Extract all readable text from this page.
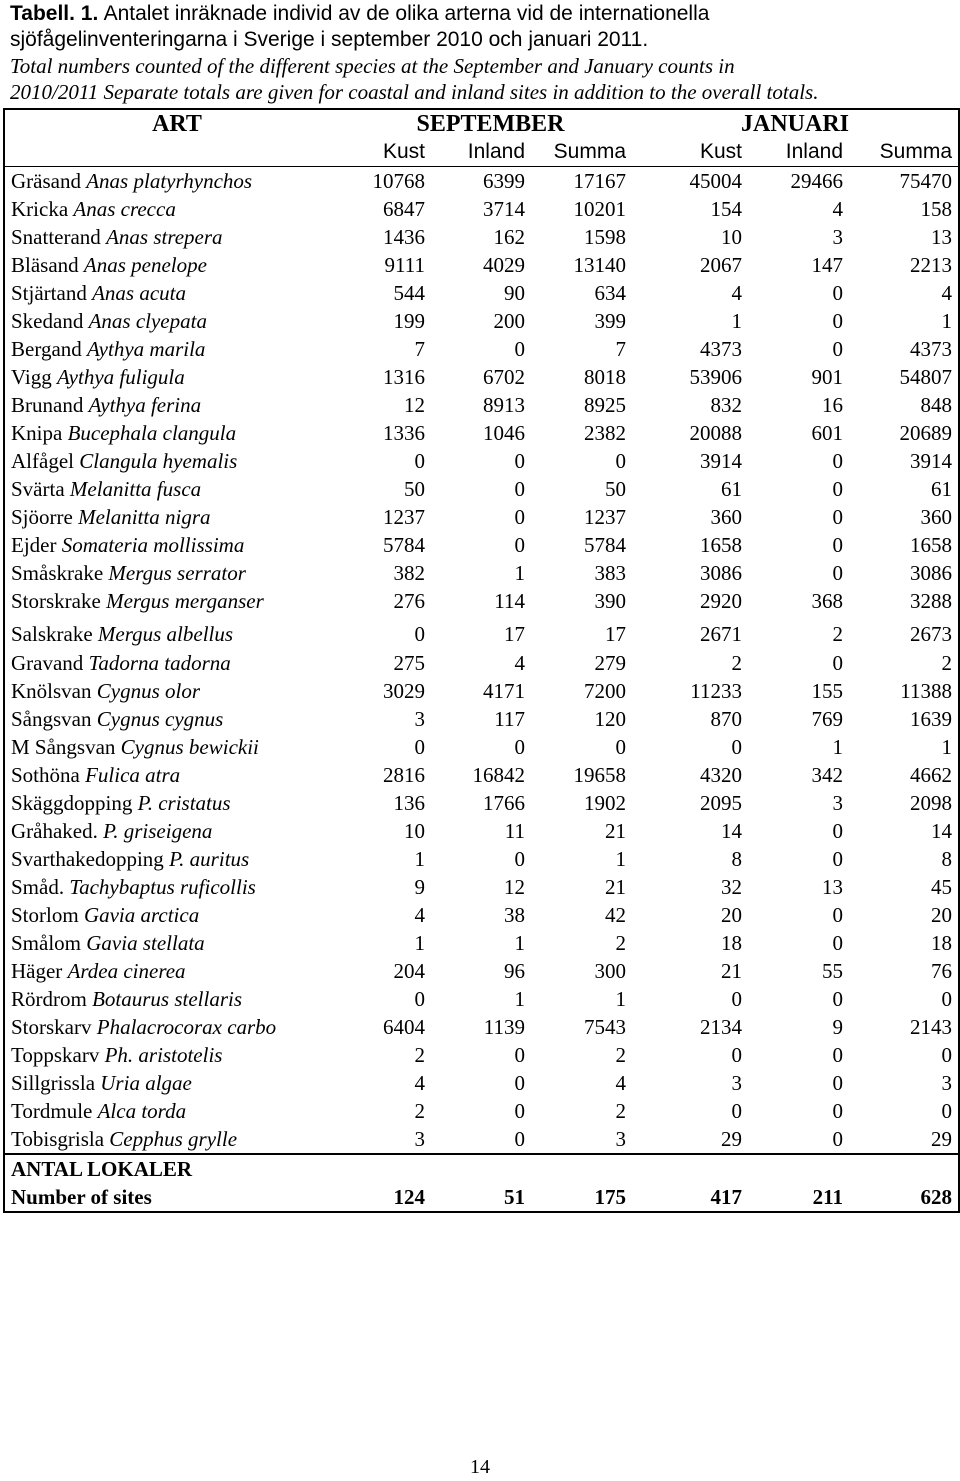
Tabell. 1. Antalet inräknade individ av de olika arterna vid de internationella
sjöfågelinventeringarna i Sverige i september 2010 och januari 2011.
Total numbers counted of the different species at the September and January counts in
2010/2011 Separate totals are given for coastal and inland sites in addition to the overall totals.
ART	SEPTEMBER			JANUARI		
	Kust	Inland	Summa	Kust	Inland	Summa
Gräsand Anas platyrhynchos	10768	6399	17167	45004	29466	75470
Kricka Anas crecca	6847	3714	10201	154	4	158
Snatterand Anas strepera	1436	162	1598	10	3	13
Bläsand Anas penelope	9111	4029	13140	2067	147	2213
Stjärtand Anas acuta	544	90	634	4	0	4
Skedand Anas clyepata	199	200	399	1	0	1
Bergand Aythya marila	7	0	7	4373	0	4373
Vigg Aythya fuligula	1316	6702	8018	53906	901	54807
Brunand Aythya ferina	12	8913	8925	832	16	848
Knipa Bucephala clangula	1336	1046	2382	20088	601	20689
Alfågel Clangula hyemalis	0	0	0	3914	0	3914
Svärta Melanitta fusca	50	0	50	61	0	61
Sjöorre Melanitta nigra	1237	0	1237	360	0	360
Ejder Somateria mollissima	5784	0	5784	1658	0	1658
Småskrake Mergus serrator	382	1	383	3086	0	3086
Storskrake Mergus merganser	276	114	390	2920	368	3288
Salskrake Mergus albellus	0	17	17	2671	2	2673
Gravand Tadorna tadorna	275	4	279	2	0	2
Knölsvan Cygnus olor	3029	4171	7200	11233	155	11388
Sångsvan Cygnus cygnus	3	117	120	870	769	1639
M Sångsvan Cygnus bewickii	0	0	0	0	1	1
Sothöna Fulica atra	2816	16842	19658	4320	342	4662
Skäggdopping P. cristatus	136	1766	1902	2095	3	2098
Gråhaked. P. griseigena	10	11	21	14	0	14
Svarthakedopping P. auritus	1	0	1	8	0	8
Småd. Tachybaptus ruficollis	9	12	21	32	13	45
Storlom Gavia arctica	4	38	42	20	0	20
Smålom Gavia stellata	1	1	2	18	0	18
Häger Ardea cinerea	204	96	300	21	55	76
Rördrom Botaurus stellaris	0	1	1	0	0	0
Storskarv Phalacrocorax carbo	6404	1139	7543	2134	9	2143
Toppskarv Ph. aristotelis	2	0	2	0	0	0
Sillgrissla Uria algae	4	0	4	3	0	3
Tordmule Alca torda	2	0	2	0	0	0
Tobisgrisla Cepphus grylle	3	0	3	29	0	29
ANTAL LOKALER						
Number of sites	124	51	175	417	211	628
14
